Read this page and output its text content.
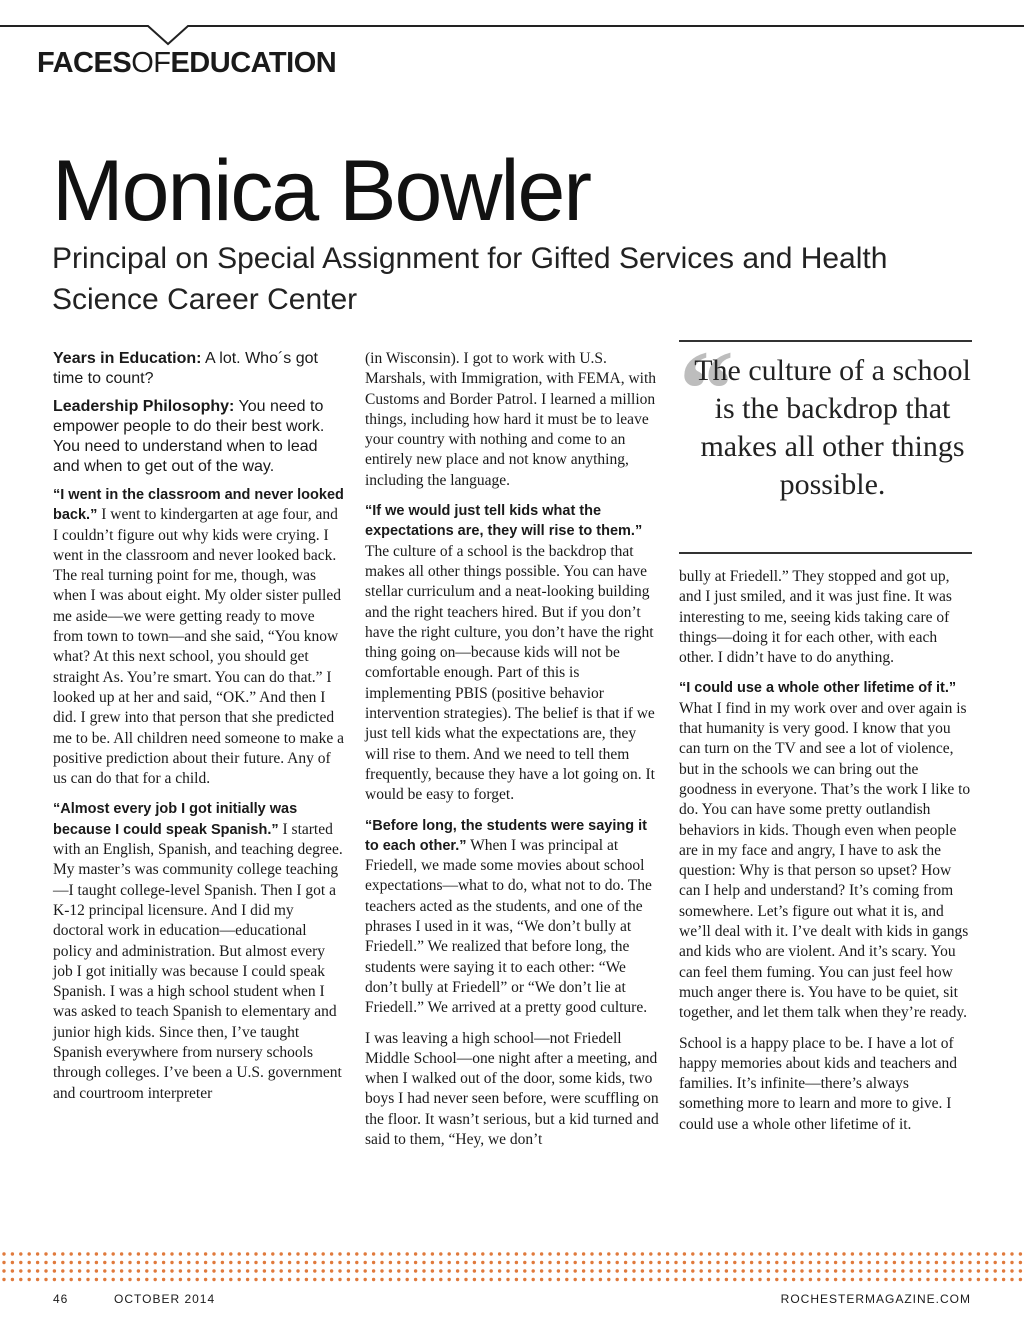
FACESOFEDUCATION
Monica Bowler
Principal on Special Assignment for Gifted Services and Health Science Career Center

Years in Education: A lot. Who´s got time to count?

Leadership Philosophy: You need to empower people to do their best work. You need to understand when to lead and when to get out of the way.

“I went in the classroom and never looked back.” I went to kindergarten at age four, and I couldn’t figure out why kids were crying. I went in the classroom and never looked back. The real turning point for me, though, was when I was about eight. My older sister pulled me aside—we were getting ready to move from town to town—and she said, “You know what? At this next school, you should get straight As. You’re smart. You can do that.” I looked up at her and said, “OK.” And then I did. I grew into that person that she predicted me to be. All children need someone to make a positive prediction about their future. Any of us can do that for a child.

“Almost every job I got initially was because I could speak Spanish.” I started with an English, Spanish, and teaching degree. My master’s was community college teaching—I taught college-level Spanish. Then I got a K-12 principal licensure. And I did my doctoral work in education—educational policy and administration. But almost every job I got initially was because I could speak Spanish. I was a high school student when I was asked to teach Spanish to elementary and junior high kids. Since then, I’ve taught Spanish everywhere from nursery schools through colleges. I’ve been a U.S. government and courtroom interpreter

(in Wisconsin). I got to work with U.S. Marshals, with Immigration, with FEMA, with Customs and Border Patrol. I learned a million things, including how hard it must be to leave your country with nothing and come to an entirely new place and not know anything, including the language.

“If we would just tell kids what the expectations are, they will rise to them.” The culture of a school is the backdrop that makes all other things possible. You can have stellar curriculum and a neat-looking building and the right teachers hired. But if you don’t have the right culture, you don’t have the right thing going on—because kids will not be comfortable enough. Part of this is implementing PBIS (positive behavior intervention strategies). The belief is that if we just tell kids what the expectations are, they will rise to them. And we need to tell them frequently, because they have a lot going on. It would be easy to forget.

“Before long, the students were saying it to each other.” When I was principal at Friedell, we made some movies about school expectations—what to do, what not to do. The teachers acted as the students, and one of the phrases I used in it was, “We don’t bully at Friedell.” We realized that before long, the students were saying it to each other: “We don’t bully at Friedell” or “We don’t lie at Friedell.” We arrived at a pretty good culture.

I was leaving a high school—not Friedell Middle School—one night after a meeting, and when I walked out of the door, some kids, two boys I had never seen before, were scuffling on the floor. It wasn’t serious, but a kid turned and said to them, “Hey, we don’t

“
The culture of a school is the backdrop that makes all other things possible.

bully at Friedell.” They stopped and got up, and I just smiled, and it was just fine. It was interesting to me, seeing kids taking care of things—doing it for each other, with each other. I didn’t have to do anything.

“I could use a whole other lifetime of it.” What I find in my work over and over again is that humanity is very good. I know that you can turn on the TV and see a lot of violence, but in the schools we can bring out the goodness in everyone. That’s the work I like to do. You can have some pretty outlandish behaviors in kids. Though even when people are in my face and angry, I have to ask the question: Why is that person so upset? How can I help and understand? It’s coming from somewhere. Let’s figure out what it is, and we’ll deal with it. I’ve dealt with kids in gangs and kids who are violent. And it’s scary. You can feel them fuming. You can just feel how much anger there is. You have to be quiet, sit together, and let them talk when they’re ready.

School is a happy place to be. I have a lot of happy memories about kids and teachers and families. It’s infinite—there’s always something more to learn and more to give. I could use a whole other lifetime of it.

46	OCTOBER 2014	ROCHESTERMAGAZINE.COM
